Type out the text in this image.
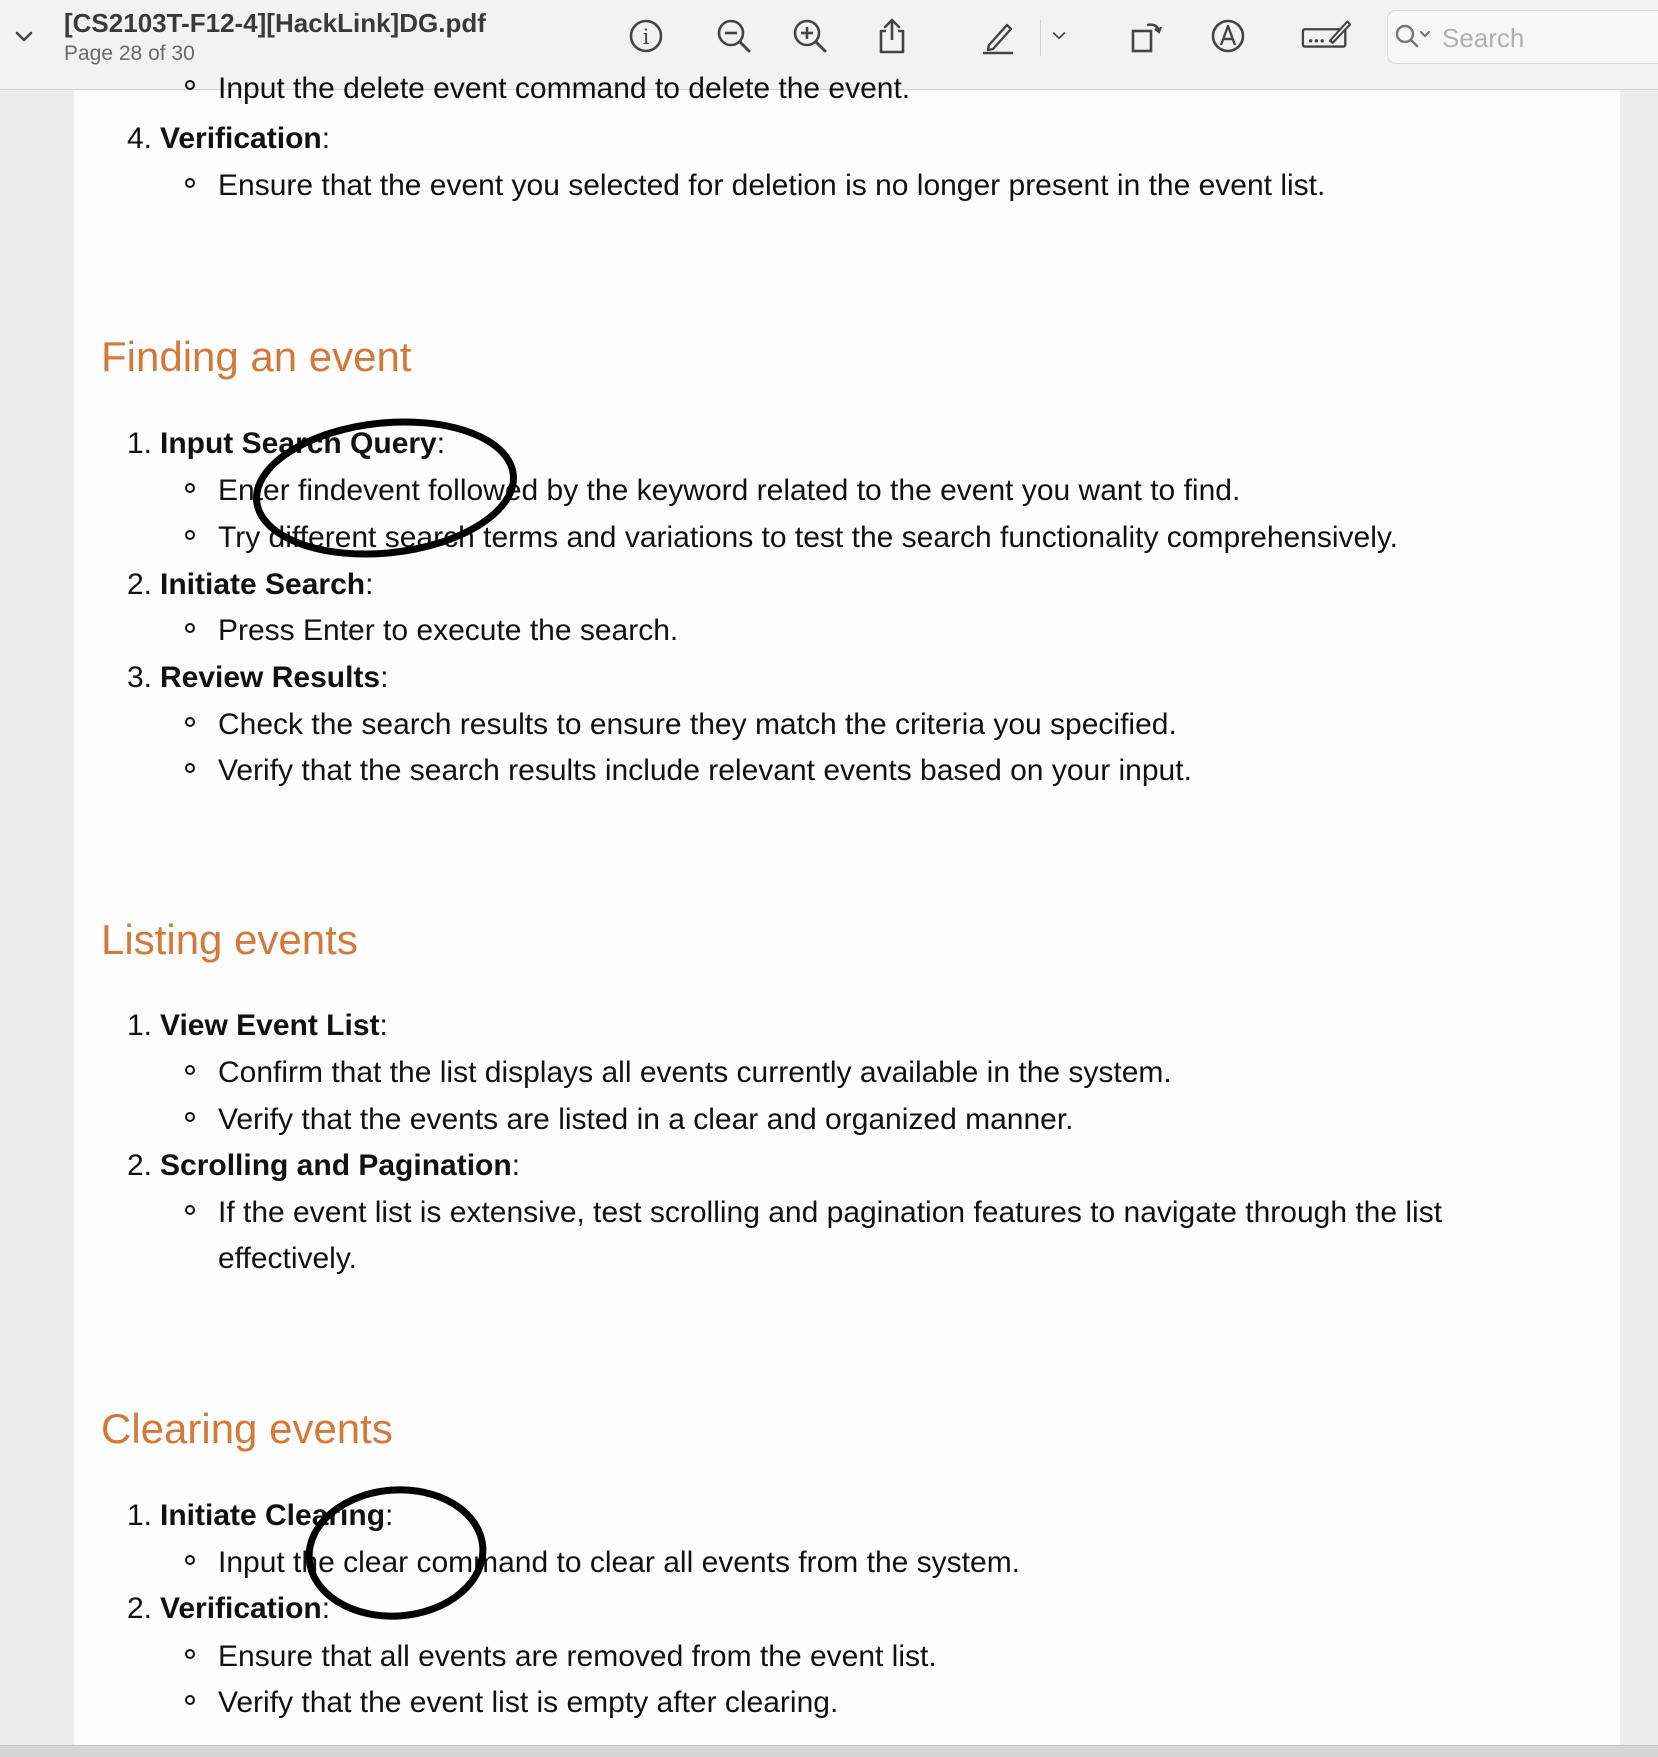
[CS2103T-F12-4][HackLink]DG.pdf
Page 28 of 30
i
Search
Input the delete event command to delete the event.
4. Verification:
Ensure that the event you selected for deletion is no longer present in the event list.
Finding an event
1. Input Search Query:
Enter findevent followed by the keyword related to the event you want to find.
Try different search terms and variations to test the search functionality comprehensively.
2. Initiate Search:
Press Enter to execute the search.
3. Review Results:
Check the search results to ensure they match the criteria you specified.
Verify that the search results include relevant events based on your input.
Listing events
1. View Event List:
Confirm that the list displays all events currently available in the system.
Verify that the events are listed in a clear and organized manner.
2. Scrolling and Pagination:
If the event list is extensive, test scrolling and pagination features to navigate through the list
effectively.
Clearing events
1. Initiate Clearing:
Input the clear command to clear all events from the system.
2. Verification:
Ensure that all events are removed from the event list.
Verify that the event list is empty after clearing.
